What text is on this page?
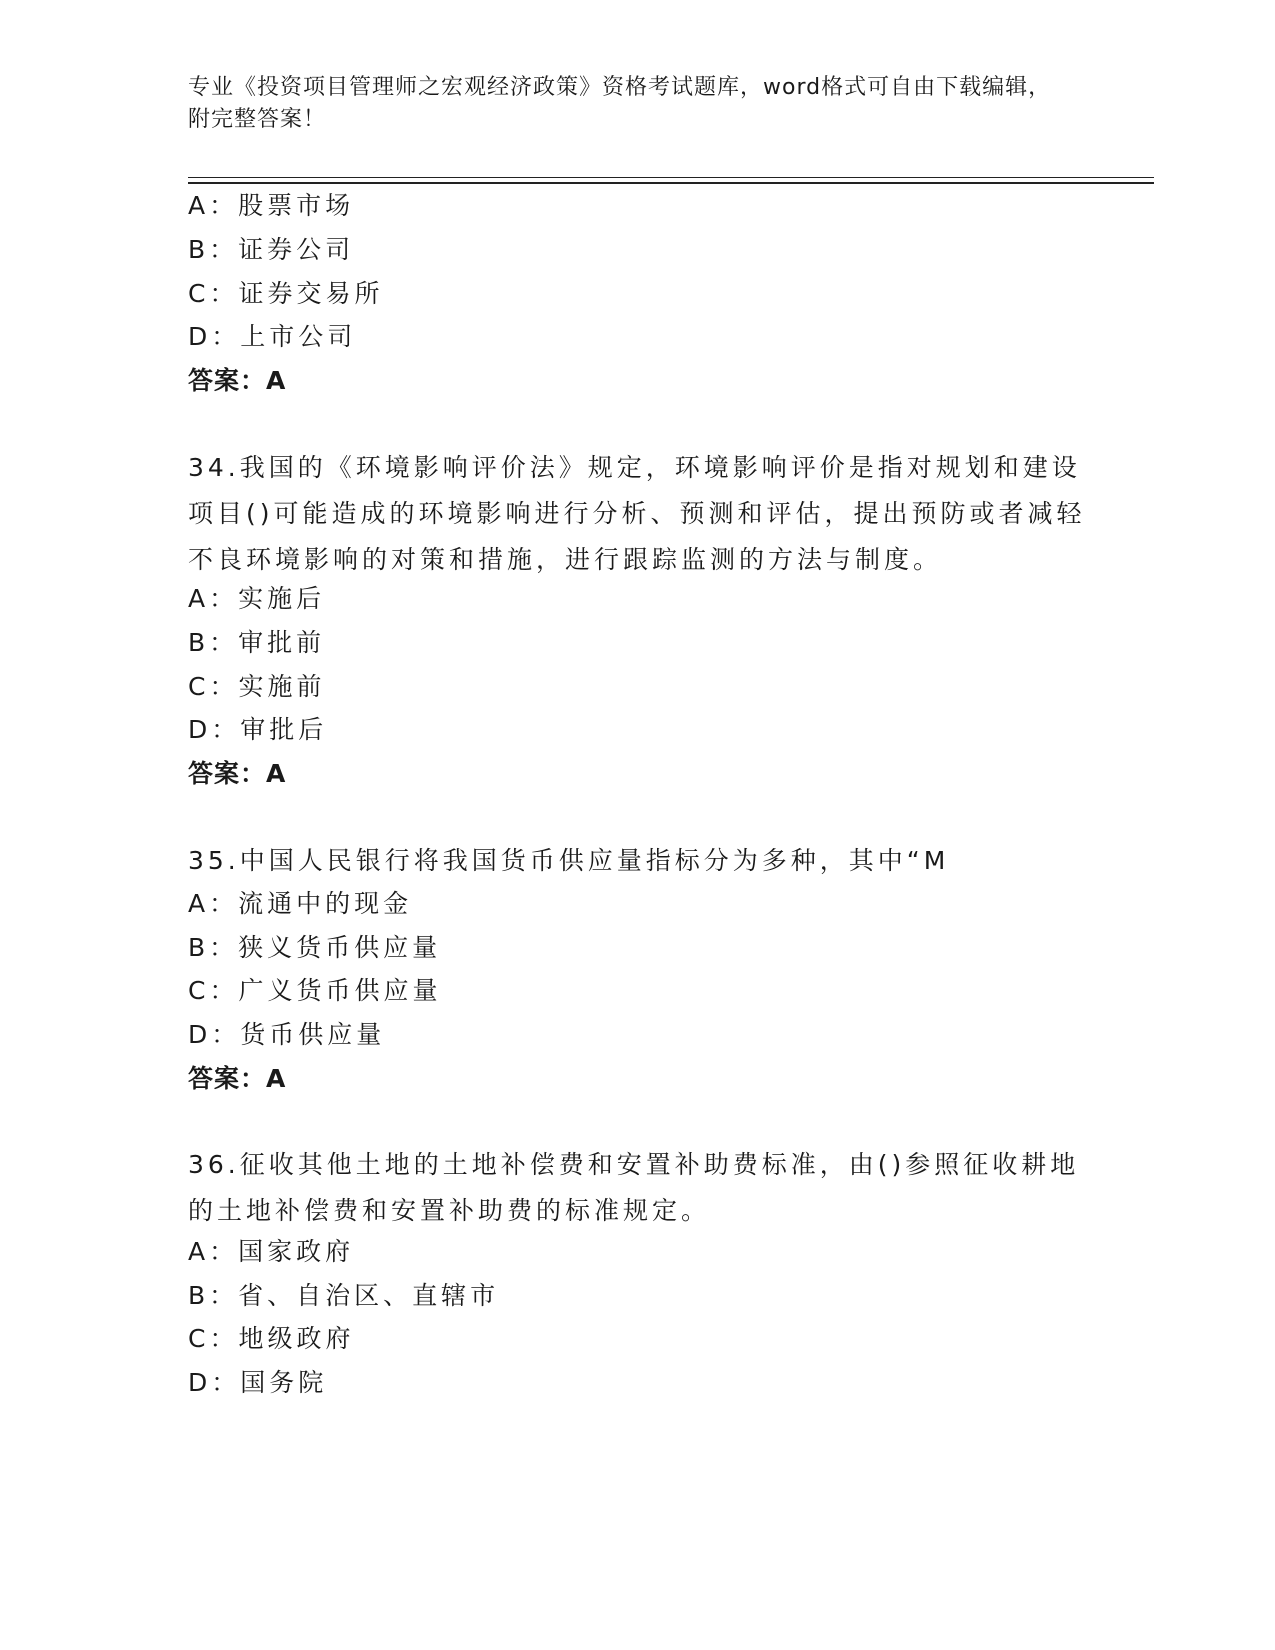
专业《投资项目管理师之宏观经济政策》资格考试题库，word格式可自由下载编辑，附完整答案！
A：股票市场
B：证券公司
C：证券交易所
D：上市公司
答案：A
34.我国的《环境影响评价法》规定，环境影响评价是指对规划和建设项目()可能造成的环境影响进行分析、预测和评估，提出预防或者减轻不良环境影响的对策和措施，进行跟踪监测的方法与制度。
A：实施后
B：审批前
C：实施前
D：审批后
答案：A
35.中国人民银行将我国货币供应量指标分为多种，其中“M
A：流通中的现金
B：狭义货币供应量
C：广义货币供应量
D：货币供应量
答案：A
36.征收其他土地的土地补偿费和安置补助费标准，由()参照征收耕地的土地补偿费和安置补助费的标准规定。
A：国家政府
B：省、自治区、直辖市
C：地级政府
D：国务院
